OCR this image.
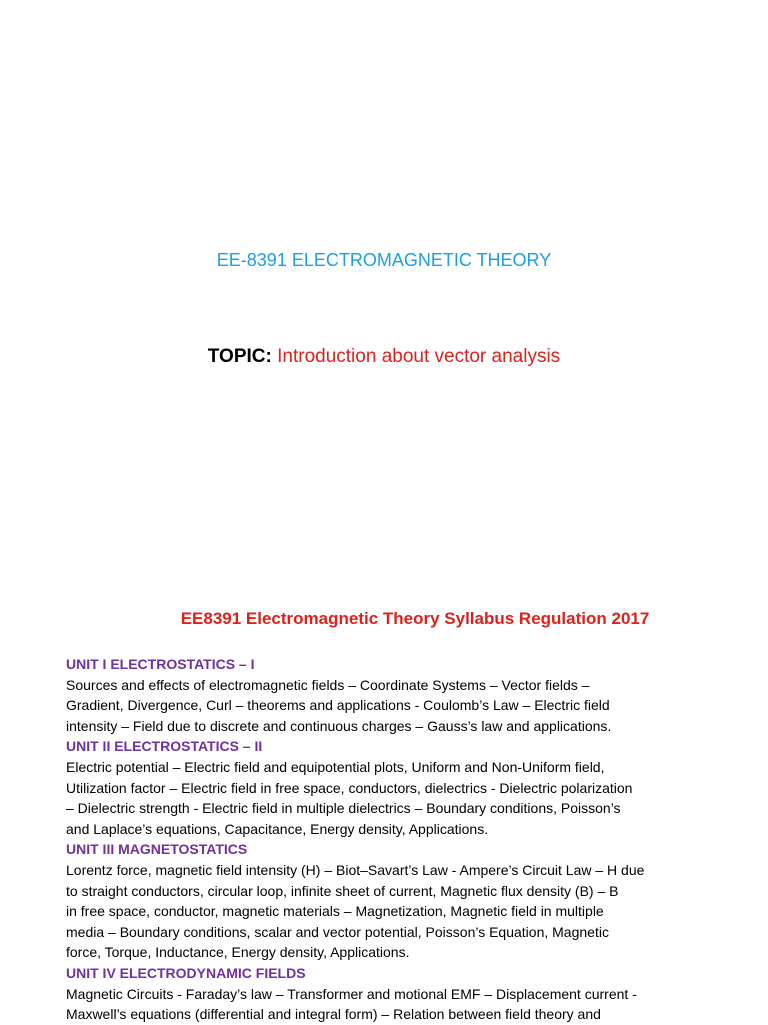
EE-8391 ELECTROMAGNETIC THEORY

TOPIC: Introduction about vector analysis

EE8391 Electromagnetic Theory Syllabus Regulation 2017
UNIT I ELECTROSTATICS – I
Sources and effects of electromagnetic fields – Coordinate Systems – Vector fields –
Gradient, Divergence, Curl – theorems and applications - Coulomb’s Law – Electric field
intensity – Field due to discrete and continuous charges – Gauss’s law and applications.
UNIT II ELECTROSTATICS – II
Electric potential – Electric field and equipotential plots, Uniform and Non-Uniform field,
Utilization factor – Electric field in free space, conductors, dielectrics - Dielectric polarization
– Dielectric strength - Electric field in multiple dielectrics – Boundary conditions, Poisson’s
and Laplace’s equations, Capacitance, Energy density, Applications.
UNIT III MAGNETOSTATICS
Lorentz force, magnetic field intensity (H) – Biot–Savart’s Law - Ampere’s Circuit Law – H due
to straight conductors, circular loop, infinite sheet of current, Magnetic flux density (B) – B
in free space, conductor, magnetic materials – Magnetization, Magnetic field in multiple
media – Boundary conditions, scalar and vector potential, Poisson’s Equation, Magnetic
force, Torque, Inductance, Energy density, Applications.
UNIT IV ELECTRODYNAMIC FIELDS
Magnetic Circuits - Faraday’s law – Transformer and motional EMF – Displacement current -
Maxwell’s equations (differential and integral form) – Relation between field theory and
